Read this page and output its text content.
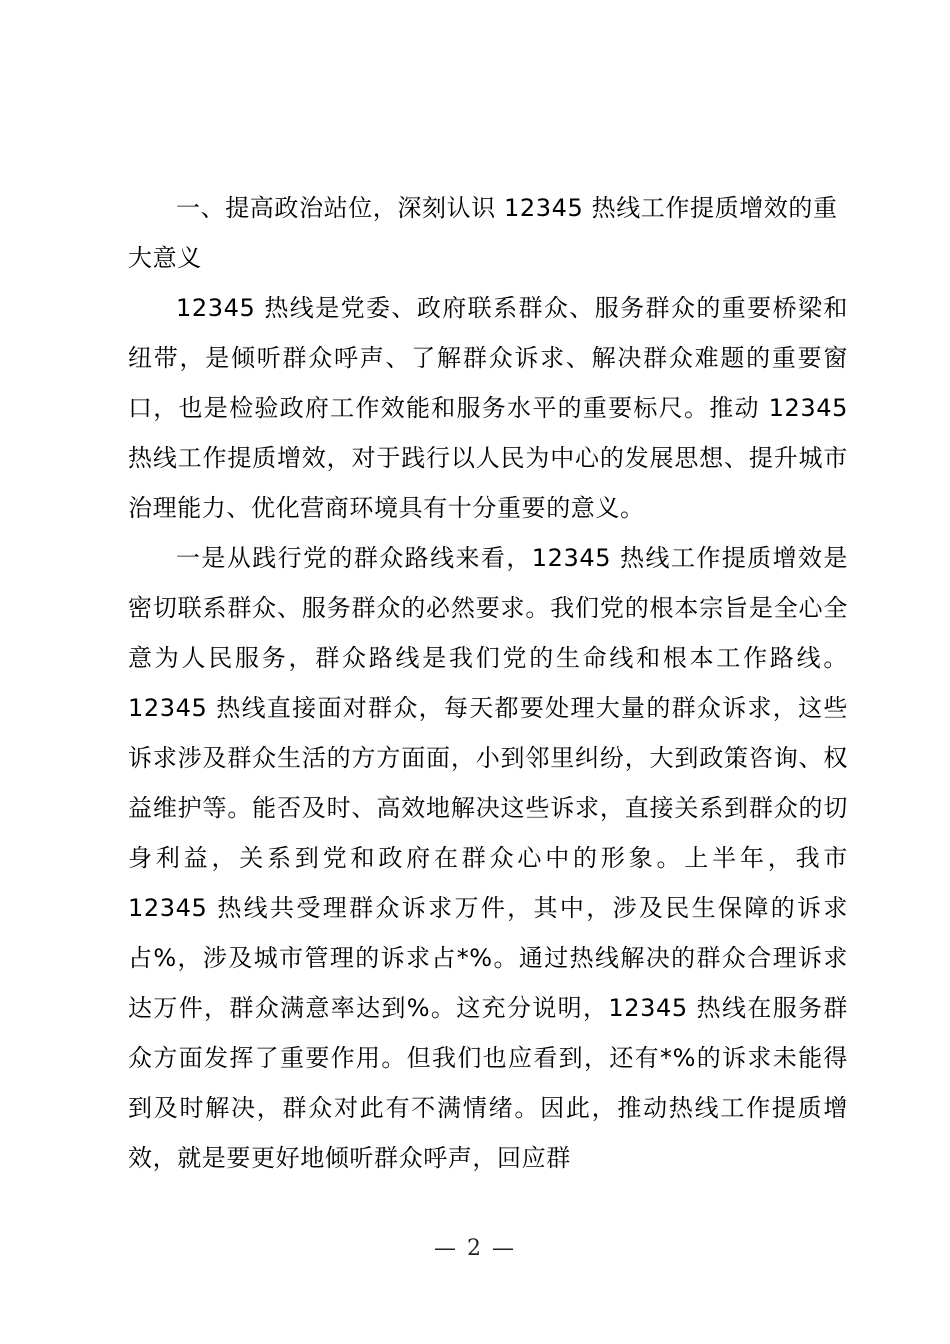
一、提高政治站位，深刻认识 12345 热线工作提质增效的重大意义

12345 热线是党委、政府联系群众、服务群众的重要桥梁和纽带，是倾听群众呼声、了解群众诉求、解决群众难题的重要窗口，也是检验政府工作效能和服务水平的重要标尺。推动 12345 热线工作提质增效，对于践行以人民为中心的发展思想、提升城市治理能力、优化营商环境具有十分重要的意义。

一是从践行党的群众路线来看，12345 热线工作提质增效是密切联系群众、服务群众的必然要求。我们党的根本宗旨是全心全意为人民服务，群众路线是我们党的生命线和根本工作路线。12345 热线直接面对群众，每天都要处理大量的群众诉求，这些诉求涉及群众生活的方方面面，小到邻里纠纷，大到政策咨询、权益维护等。能否及时、高效地解决这些诉求，直接关系到群众的切身利益，关系到党和政府在群众心中的形象。上半年，我市 12345 热线共受理群众诉求万件，其中，涉及民生保障的诉求占%，涉及城市管理的诉求占*%。通过热线解决的群众合理诉求达万件，群众满意率达到%。这充分说明，12345 热线在服务群众方面发挥了重要作用。但我们也应看到，还有*%的诉求未能得到及时解决，群众对此有不满情绪。因此，推动热线工作提质增效，就是要更好地倾听群众呼声，回应群

— 2 —
